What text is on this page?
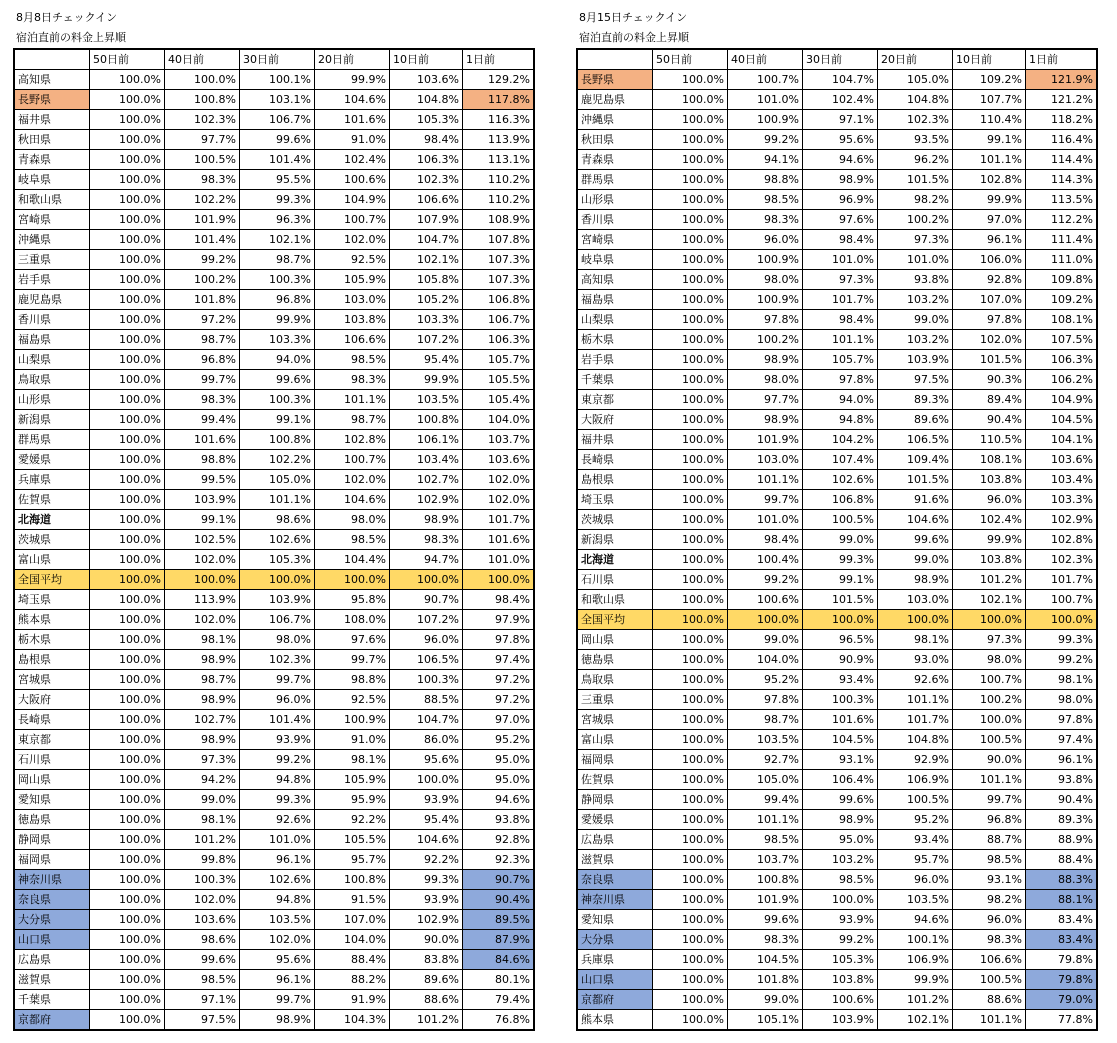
8月8日チェックイン
宿泊直前の料金上昇順
	50日前	40日前	30日前	20日前	10日前	1日前
高知県	100.0%	100.0%	100.1%	99.9%	103.6%	129.2%
長野県	100.0%	100.8%	103.1%	104.6%	104.8%	117.8%
福井県	100.0%	102.3%	106.7%	101.6%	105.3%	116.3%
秋田県	100.0%	97.7%	99.6%	91.0%	98.4%	113.9%
青森県	100.0%	100.5%	101.4%	102.4%	106.3%	113.1%
岐阜県	100.0%	98.3%	95.5%	100.6%	102.3%	110.2%
和歌山県	100.0%	102.2%	99.3%	104.9%	106.6%	110.2%
宮崎県	100.0%	101.9%	96.3%	100.7%	107.9%	108.9%
沖縄県	100.0%	101.4%	102.1%	102.0%	104.7%	107.8%
三重県	100.0%	99.2%	98.7%	92.5%	102.1%	107.3%
岩手県	100.0%	100.2%	100.3%	105.9%	105.8%	107.3%
鹿児島県	100.0%	101.8%	96.8%	103.0%	105.2%	106.8%
香川県	100.0%	97.2%	99.9%	103.8%	103.3%	106.7%
福島県	100.0%	98.7%	103.3%	106.6%	107.2%	106.3%
山梨県	100.0%	96.8%	94.0%	98.5%	95.4%	105.7%
鳥取県	100.0%	99.7%	99.6%	98.3%	99.9%	105.5%
山形県	100.0%	98.3%	100.3%	101.1%	103.5%	105.4%
新潟県	100.0%	99.4%	99.1%	98.7%	100.8%	104.0%
群馬県	100.0%	101.6%	100.8%	102.8%	106.1%	103.7%
愛媛県	100.0%	98.8%	102.2%	100.7%	103.4%	103.6%
兵庫県	100.0%	99.5%	105.0%	102.0%	102.7%	102.0%
佐賀県	100.0%	103.9%	101.1%	104.6%	102.9%	102.0%
北海道	100.0%	99.1%	98.6%	98.0%	98.9%	101.7%
茨城県	100.0%	102.5%	102.6%	98.5%	98.3%	101.6%
富山県	100.0%	102.0%	105.3%	104.4%	94.7%	101.0%
全国平均	100.0%	100.0%	100.0%	100.0%	100.0%	100.0%
埼玉県	100.0%	113.9%	103.9%	95.8%	90.7%	98.4%
熊本県	100.0%	102.0%	106.7%	108.0%	107.2%	97.9%
栃木県	100.0%	98.1%	98.0%	97.6%	96.0%	97.8%
島根県	100.0%	98.9%	102.3%	99.7%	106.5%	97.4%
宮城県	100.0%	98.7%	99.7%	98.8%	100.3%	97.2%
大阪府	100.0%	98.9%	96.0%	92.5%	88.5%	97.2%
長崎県	100.0%	102.7%	101.4%	100.9%	104.7%	97.0%
東京都	100.0%	98.9%	93.9%	91.0%	86.0%	95.2%
石川県	100.0%	97.3%	99.2%	98.1%	95.6%	95.0%
岡山県	100.0%	94.2%	94.8%	105.9%	100.0%	95.0%
愛知県	100.0%	99.0%	99.3%	95.9%	93.9%	94.6%
徳島県	100.0%	98.1%	92.6%	92.2%	95.4%	93.8%
静岡県	100.0%	101.2%	101.0%	105.5%	104.6%	92.8%
福岡県	100.0%	99.8%	96.1%	95.7%	92.2%	92.3%
神奈川県	100.0%	100.3%	102.6%	100.8%	99.3%	90.7%
奈良県	100.0%	102.0%	94.8%	91.5%	93.9%	90.4%
大分県	100.0%	103.6%	103.5%	107.0%	102.9%	89.5%
山口県	100.0%	98.6%	102.0%	104.0%	90.0%	87.9%
広島県	100.0%	99.6%	95.6%	88.4%	83.8%	84.6%
滋賀県	100.0%	98.5%	96.1%	88.2%	89.6%	80.1%
千葉県	100.0%	97.1%	99.7%	91.9%	88.6%	79.4%
京都府	100.0%	97.5%	98.9%	104.3%	101.2%	76.8%
8月15日チェックイン
宿泊直前の料金上昇順
	50日前	40日前	30日前	20日前	10日前	1日前
長野県	100.0%	100.7%	104.7%	105.0%	109.2%	121.9%
鹿児島県	100.0%	101.0%	102.4%	104.8%	107.7%	121.2%
沖縄県	100.0%	100.9%	97.1%	102.3%	110.4%	118.2%
秋田県	100.0%	99.2%	95.6%	93.5%	99.1%	116.4%
青森県	100.0%	94.1%	94.6%	96.2%	101.1%	114.4%
群馬県	100.0%	98.8%	98.9%	101.5%	102.8%	114.3%
山形県	100.0%	98.5%	96.9%	98.2%	99.9%	113.5%
香川県	100.0%	98.3%	97.6%	100.2%	97.0%	112.2%
宮崎県	100.0%	96.0%	98.4%	97.3%	96.1%	111.4%
岐阜県	100.0%	100.9%	101.0%	101.0%	106.0%	111.0%
高知県	100.0%	98.0%	97.3%	93.8%	92.8%	109.8%
福島県	100.0%	100.9%	101.7%	103.2%	107.0%	109.2%
山梨県	100.0%	97.8%	98.4%	99.0%	97.8%	108.1%
栃木県	100.0%	100.2%	101.1%	103.2%	102.0%	107.5%
岩手県	100.0%	98.9%	105.7%	103.9%	101.5%	106.3%
千葉県	100.0%	98.0%	97.8%	97.5%	90.3%	106.2%
東京都	100.0%	97.7%	94.0%	89.3%	89.4%	104.9%
大阪府	100.0%	98.9%	94.8%	89.6%	90.4%	104.5%
福井県	100.0%	101.9%	104.2%	106.5%	110.5%	104.1%
長崎県	100.0%	103.0%	107.4%	109.4%	108.1%	103.6%
島根県	100.0%	101.1%	102.6%	101.5%	103.8%	103.4%
埼玉県	100.0%	99.7%	106.8%	91.6%	96.0%	103.3%
茨城県	100.0%	101.0%	100.5%	104.6%	102.4%	102.9%
新潟県	100.0%	98.4%	99.0%	99.6%	99.9%	102.8%
北海道	100.0%	100.4%	99.3%	99.0%	103.8%	102.3%
石川県	100.0%	99.2%	99.1%	98.9%	101.2%	101.7%
和歌山県	100.0%	100.6%	101.5%	103.0%	102.1%	100.7%
全国平均	100.0%	100.0%	100.0%	100.0%	100.0%	100.0%
岡山県	100.0%	99.0%	96.5%	98.1%	97.3%	99.3%
徳島県	100.0%	104.0%	90.9%	93.0%	98.0%	99.2%
鳥取県	100.0%	95.2%	93.4%	92.6%	100.7%	98.1%
三重県	100.0%	97.8%	100.3%	101.1%	100.2%	98.0%
宮城県	100.0%	98.7%	101.6%	101.7%	100.0%	97.8%
富山県	100.0%	103.5%	104.5%	104.8%	100.5%	97.4%
福岡県	100.0%	92.7%	93.1%	92.9%	90.0%	96.1%
佐賀県	100.0%	105.0%	106.4%	106.9%	101.1%	93.8%
静岡県	100.0%	99.4%	99.6%	100.5%	99.7%	90.4%
愛媛県	100.0%	101.1%	98.9%	95.2%	96.8%	89.3%
広島県	100.0%	98.5%	95.0%	93.4%	88.7%	88.9%
滋賀県	100.0%	103.7%	103.2%	95.7%	98.5%	88.4%
奈良県	100.0%	100.8%	98.5%	96.0%	93.1%	88.3%
神奈川県	100.0%	101.9%	100.0%	103.5%	98.2%	88.1%
愛知県	100.0%	99.6%	93.9%	94.6%	96.0%	83.4%
大分県	100.0%	98.3%	99.2%	100.1%	98.3%	83.4%
兵庫県	100.0%	104.5%	105.3%	106.9%	106.6%	79.8%
山口県	100.0%	101.8%	103.8%	99.9%	100.5%	79.8%
京都府	100.0%	99.0%	100.6%	101.2%	88.6%	79.0%
熊本県	100.0%	105.1%	103.9%	102.1%	101.1%	77.8%
